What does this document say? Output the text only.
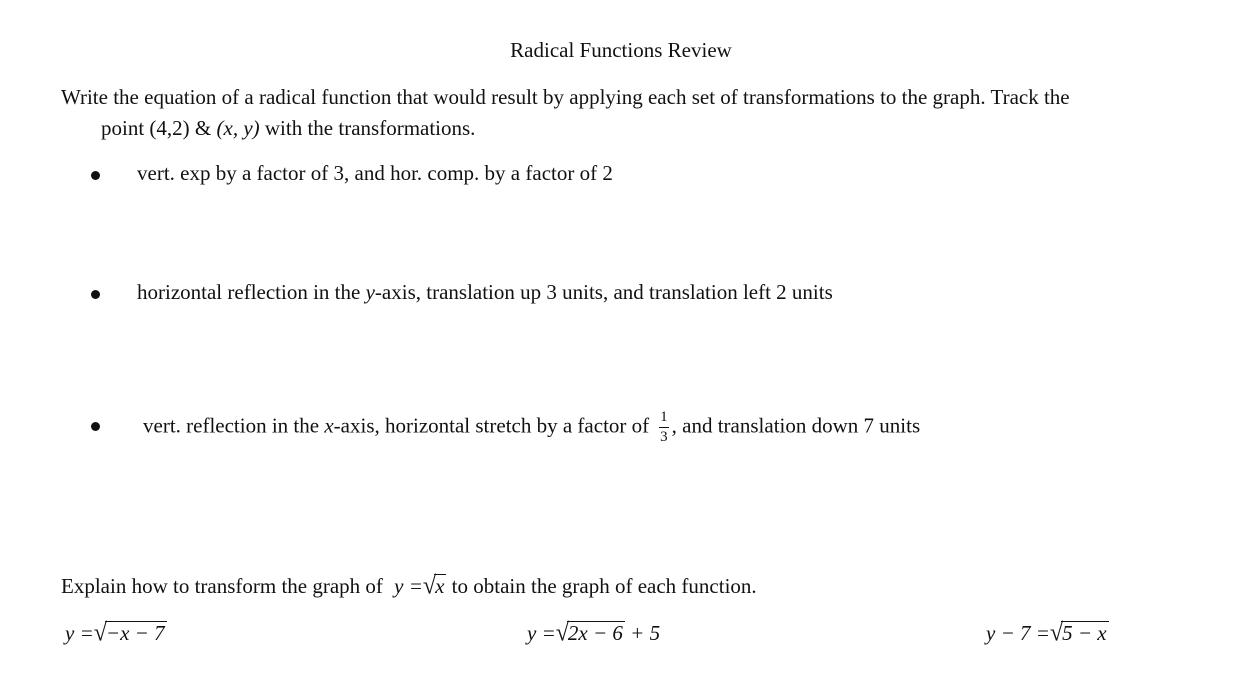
Radical Functions Review
Write the equation of a radical function that would result by applying each set of transformations to the graph. Track the
point (4,2) & (x, y) with the transformations.
vert. exp by a factor of 3, and hor. comp. by a factor of 2
horizontal reflection in the y-axis, translation up 3 units, and translation left 2 units
vert. reflection in the x-axis, horizontal stretch by a factor of $\frac{1}{3}$ , and translation down 7 units
Explain how to transform the graph of y =√x to obtain the graph of each function.
y =√−x − 7	y =√2x − 6 + 5	y − 7 =√5 − x
